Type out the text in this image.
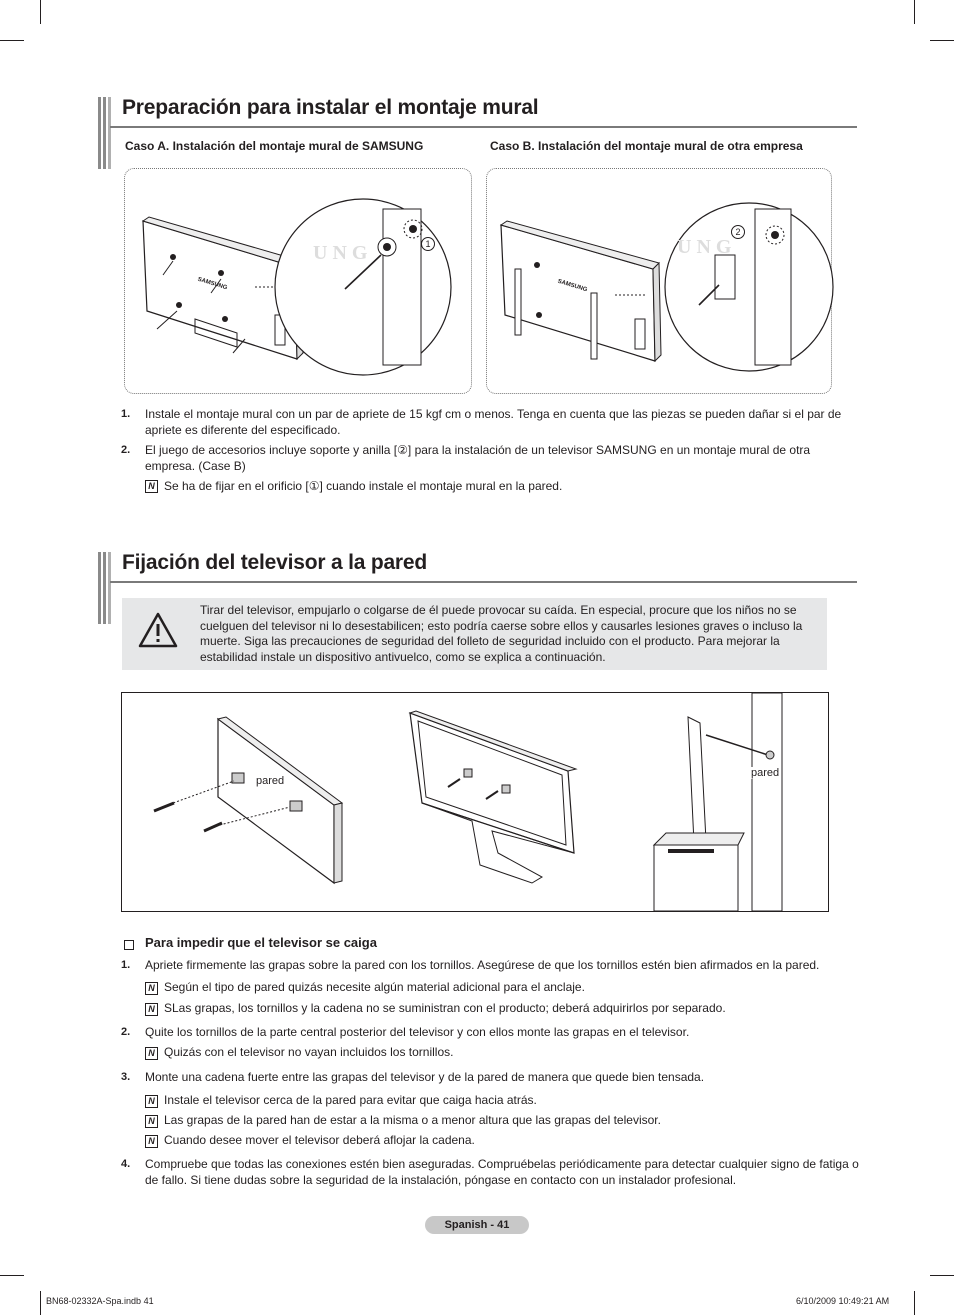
Preparación para instalar el montaje mural
Caso A. Instalación del montaje mural de SAMSUNG	Caso B. Instalación del montaje mural de otra empresa
U N G
SAMSUNG
1	U N G
SAMSUNG
2
1. Instale el montaje mural con un par de apriete de 15 kgf cm o menos. Tenga en cuenta que las piezas se pueden dañar si el par de apriete es diferente del especificado.
2. El juego de accesorios incluye soporte y anilla [②] para la instalación de un televisor SAMSUNG en un montaje mural de otra empresa. (Case B)
N Se ha de fijar en el orificio [①] cuando instale el montaje mural en la pared.
Fijación del televisor a la pared
Tirar del televisor, empujarlo o colgarse de él puede provocar su caída. En especial, procure que los niños no se cuelguen del televisor ni lo desestabilicen; esto podría caerse sobre ellos y causarles lesiones graves o incluso la muerte. Siga las precauciones de seguridad del folleto de seguridad incluido con el producto. Para mejorar la estabilidad instale un dispositivo antivuelco, como se explica a continuación.
pared
pared
Para impedir que el televisor se caiga
1. Apriete firmemente las grapas sobre la pared con los tornillos. Asegúrese de que los tornillos estén bien afirmados en la pared.
N Según el tipo de pared quizás necesite algún material adicional para el anclaje.
N SLas grapas, los tornillos y la cadena no se suministran con el producto; deberá adquirirlos por separado.
2. Quite los tornillos de la parte central posterior del televisor y con ellos monte las grapas en el televisor.
N Quizás con el televisor no vayan incluidos los tornillos.
3. Monte una cadena fuerte entre las grapas del televisor y de la pared de manera que quede bien tensada.
N Instale el televisor cerca de la pared para evitar que caiga hacia atrás.
N Las grapas de la pared han de estar a la misma o a menor altura que las grapas del televisor.
N Cuando desee mover el televisor deberá aflojar la cadena.
4. Compruebe que todas las conexiones estén bien aseguradas. Compruébelas periódicamente para detectar cualquier signo de fatiga o de fallo. Si tiene dudas sobre la seguridad de la instalación, póngase en contacto con un instalador profesional.
Spanish - 41
BN68-02332A-Spa.indb 41	6/10/2009 10:49:21 AM
